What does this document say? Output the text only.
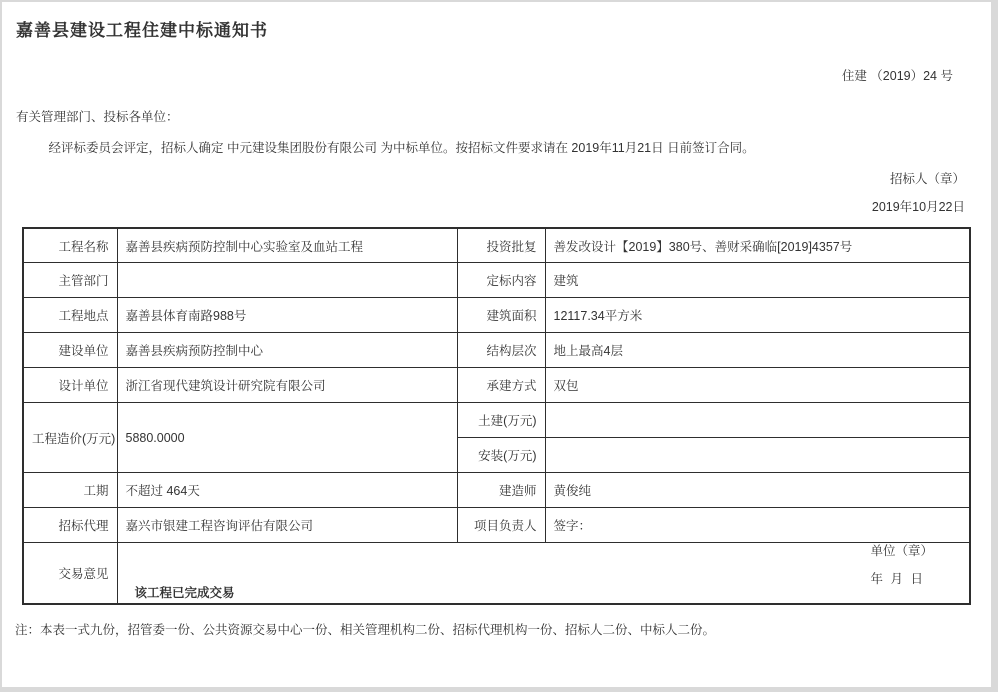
嘉善县建设工程住建中标通知书
住建 （2019）24 号
有关管理部门、投标各单位：
经评标委员会评定，招标人确定 中元建设集团股份有限公司 为中标单位。按招标文件要求请在 2019年11月21日 日前签订合同。
招标人（章）
2019年10月22日
工程名称	嘉善县疾病预防控制中心实验室及血站工程	投资批复	善发改设计【2019】380号、善财采确临[2019]4357号
主管部门		定标内容	建筑
工程地点	嘉善县体育南路988号	建筑面积	12117.34平方米
建设单位	嘉善县疾病预防控制中心	结构层次	地上最高4层
设计单位	浙江省现代建筑设计研究院有限公司	承建方式	双包
工程造价(万元)	5880.0000	土建(万元)	
		安装(万元)	
工期	不超过 464天	建造师	黄俊纯
招标代理	嘉兴市银建工程咨询评估有限公司	项目负责人	签字：
交易意见	该工程已完成交易
单位（章）
年 月 日		
注：本表一式九份，招管委一份、公共资源交易中心一份、相关管理机构二份、招标代理机构一份、招标人二份、中标人二份。
